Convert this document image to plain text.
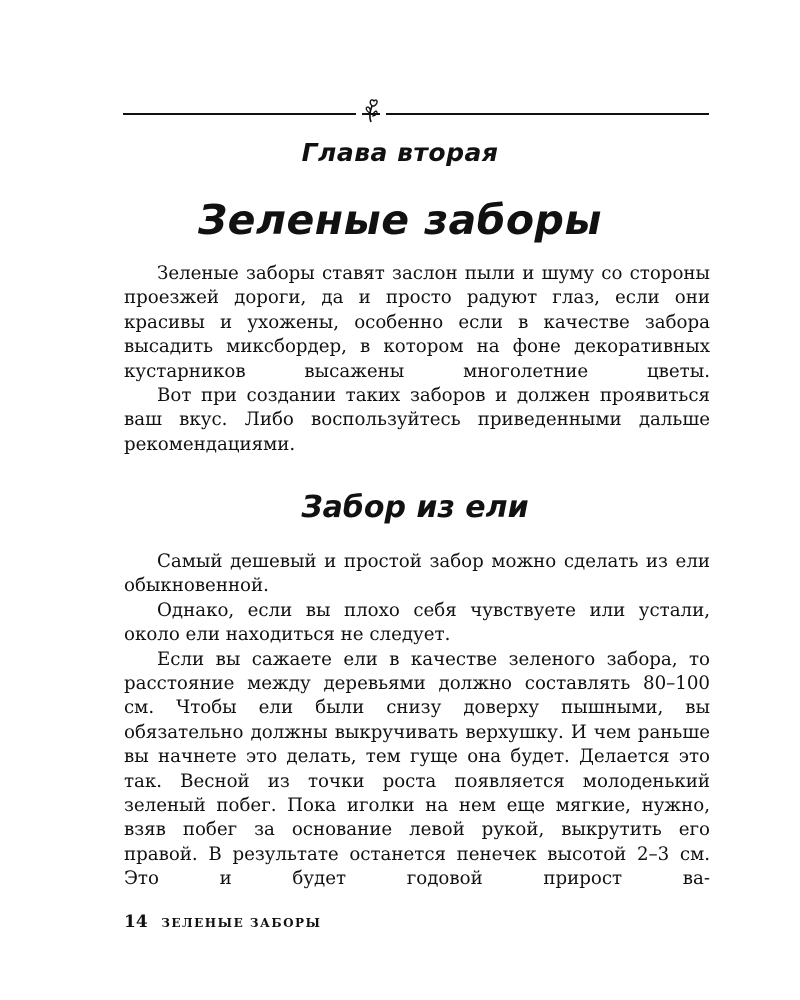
Глава вторая
Зеленые заборы

Зеленые заборы ставят заслон пыли и шуму со стороны проезжей дороги, да и просто радуют глаз, если они красивы и ухожены, особенно если в качестве забора высадить миксбордер, в котором на фоне декоративных кустарников высажены многолетние цветы.

Вот при создании таких заборов и должен проявиться ваш вкус. Либо воспользуйтесь приведенными дальше рекомендациями.

Забор из ели

Самый дешевый и простой забор можно сделать из ели обыкновенной.

Однако, если вы плохо себя чувствуете или устали, около ели находиться не следует.

Если вы сажаете ели в качестве зеленого забора, то расстояние между деревьями должно составлять 80–100 см. Чтобы ели были снизу доверху пышными, вы обязательно должны выкручивать верхушку. И чем раньше вы начнете это делать, тем гуще она будет. Делается это так. Весной из точки роста появляется молоденький зеленый побег. Пока иголки на нем еще мягкие, нужно, взяв побег за основание левой рукой, выкрутить его правой. В результате останется пенечек высотой 2–3 см. Это и будет годовой прирост ва-

14 ЗЕЛЕНЫЕ ЗАБОРЫ
